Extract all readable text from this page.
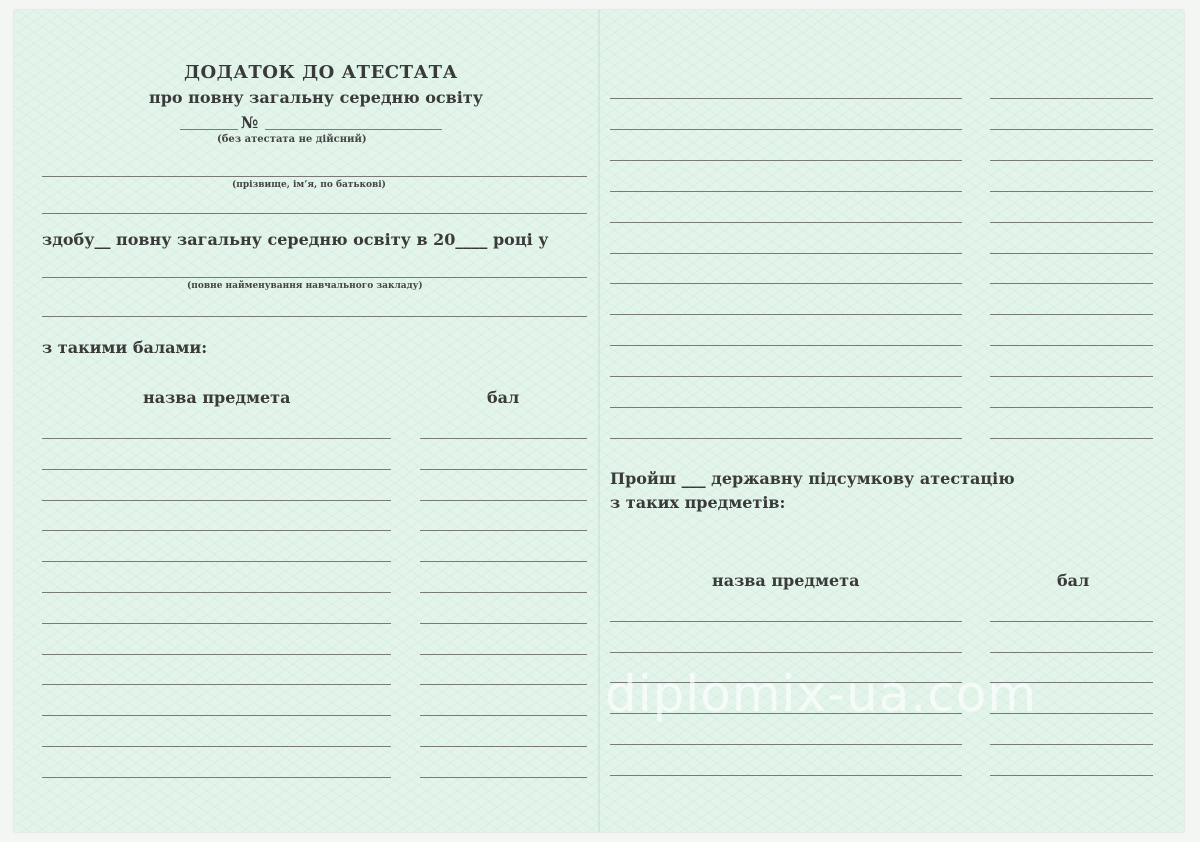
ДОДАТОК ДО АТЕСТАТА
про повну загальну середню освіту
№
(без атестата не дійсний)
(прізвище, ім’я, по батькові)
здобу__ повну загальну середню освіту в 20____ році у
(повне найменування навчального закладу)
з такими балами:
назва предмета	бал
Пройш ___ державну підсумкову атестацію
з таких предметів:
назва предмета	бал
diplomix-ua.com
